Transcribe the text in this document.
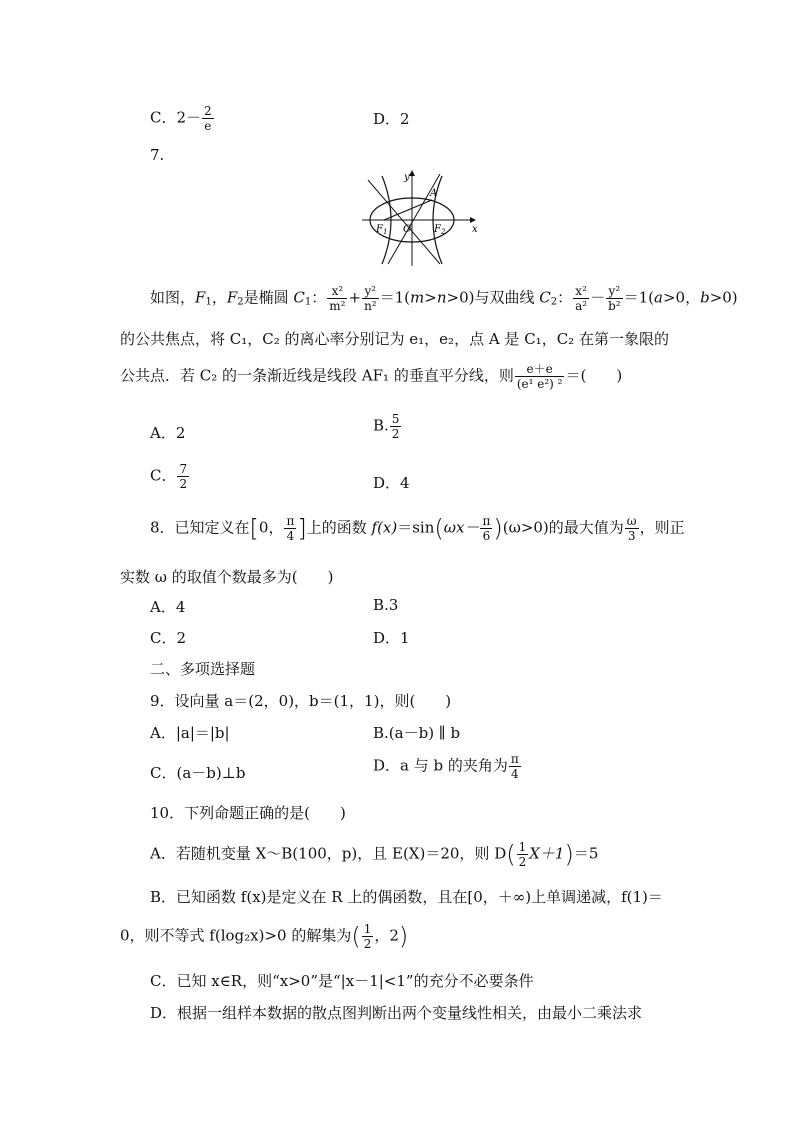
C．$2- \frac{2}{e}$	D．2
7.
y
x
A
O
$F_1$	$F_2$
如图，$F_1$，$F_2$是椭圆 $C_1$： $\frac{\text{x²}}{\text{m²}} + \frac{\text{y²}}{\text{n²}} =1(m>n>0)$与双曲线 $C_2$： $\frac{\text{x²}}{\text{a²}} - \frac{\text{y²}}{\text{b²}} =1(a>0$，b>0)
的公共焦点，将 C₁，C₂ 的离心率分别记为 e₁，e₂，点 A 是 C₁，C₂ 在第一象限的
公共点．若 C₂ 的一条渐近线是线段 AF₁ 的垂直平分线，则 $\frac{e+e}{\text{(e¹ e²) ²}}$ ＝(　　)
A．2	B. $\frac{5}{2}$
C． $\frac{7}{2}$	D．4
8．已知定义在[0， $\frac{\pi}{4}$ ]上的函数 $f(x)=\sin(\omega x- \frac{\pi}{6} )(\omega>0)$的最大值为 $\frac{\omega}{3}$ ，则正
实数 ω 的取值个数最多为(　　)
A．4	B.3
C．2	D．1
二、多项选择题
9．设向量 a＝(2，0)，b＝(1，1)，则(　　)
A．|a|＝|b|	B.(a－b) ∥ b
C．(a－b)⊥b	D．a 与 b 的夹角为 $\frac{\pi}{4}$
10．下列命题正确的是(　　)
A．若随机变量 X～B(100，p)，且 E(X)＝20，则 $D( \frac{1}{2} X+1)=5$
B．已知函数 f(x)是定义在 R 上的偶函数，且在[0，＋∞)上单调递减，f(1)＝
0，则不等式 f(log₂x)>0 的解集为( $\frac{1}{2}$ ，2)
C．已知 x∈R，则“x>0”是“|x－1|<1”的充分不必要条件
D．根据一组样本数据的散点图判断出两个变量线性相关，由最小二乘法求
